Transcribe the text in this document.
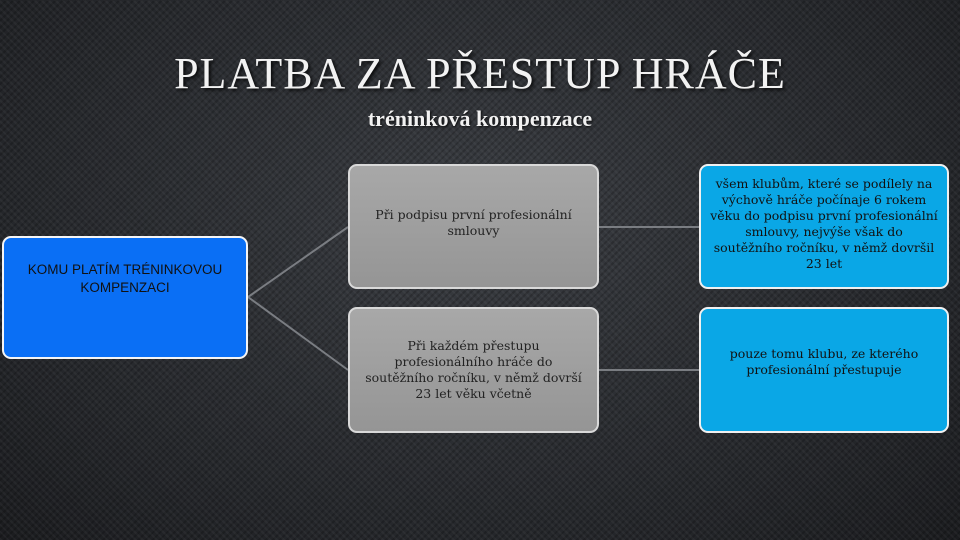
PLATBA ZA PŘESTUP HRÁČE
tréninková kompenzace
KOMU PLATÍM TRÉNINKOVOU KOMPENZACI
Při podpisu první profesionální smlouvy
Při každém přestupu profesionálního hráče do soutěžního ročníku, v němž dovrší 23 let věku včetně
všem klubům, které se podílely na výchově hráče počínaje 6 rokem věku do podpisu první profesionální smlouvy, nejvýše však do soutěžního ročníku, v němž dovršil 23 let
pouze tomu klubu, ze kterého profesionální přestupuje
